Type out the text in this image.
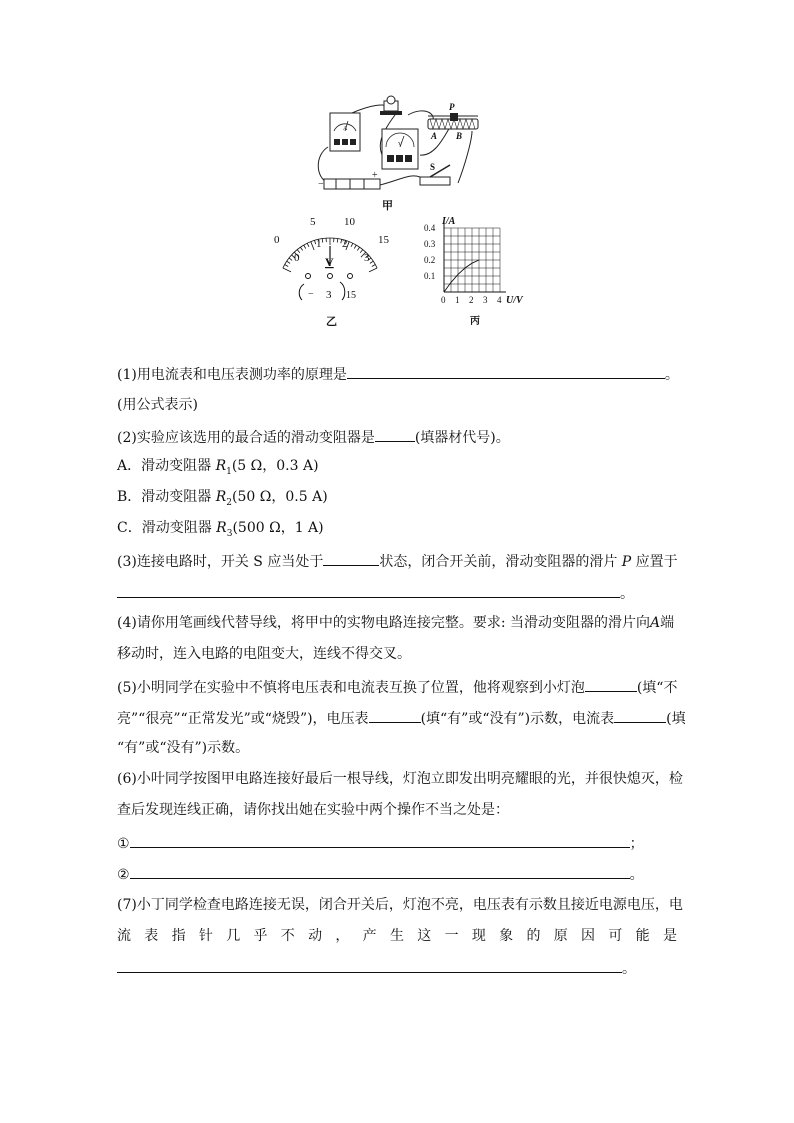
A
V
P
A B
−
+
S
甲
0
5	10
15
0
1 2
3
V
− 3 15
乙
I/A
U/V
0.4
0.3
0.2
0.1
0 1 2 3 4
丙
(1)用电流表和电压表测功率的原理是	。
(用公式表示)
(2)实验应该选用的最合适的滑动变阻器是	(填器材代号)。
A．滑动变阻器 $R_1(5$ Ω，0.3 A)
B．滑动变阻器 $R_2(50$ Ω，0.5 A)
C．滑动变阻器 $R_3(500$ Ω，1 A)
(3)连接电路时，开关 S 应当处于	状态，闭合开关前，滑动变阻器的滑片 P 应置于
。
(4)请你用笔画线代替导线，将甲中的实物电路连接完整。要求: 当滑动变阻器的滑片向A端
移动时，连入电路的电阻变大，连线不得交叉。
(5)小明同学在实验中不慎将电压表和电流表互换了位置，他将观察到小灯泡	(填“不
亮”“很亮”“正常发光”或“烧毁”)，电压表	(填“有”或“没有”)示数，电流表	(填
“有”或“没有”)示数。
(6)小叶同学按图甲电路连接好最后一根导线，灯泡立即发出明亮耀眼的光，并很快熄灭，检
查后发现连线正确，请你找出她在实验中两个操作不当之处是：
①	；
②	。
(7)小丁同学检查电路连接无误，闭合开关后，灯泡不亮，电压表有示数且接近电源电压，电
流 表 指 针 几 乎 不 动 ， 产 生 这 一 现 象 的 原 因 可 能 是
。
